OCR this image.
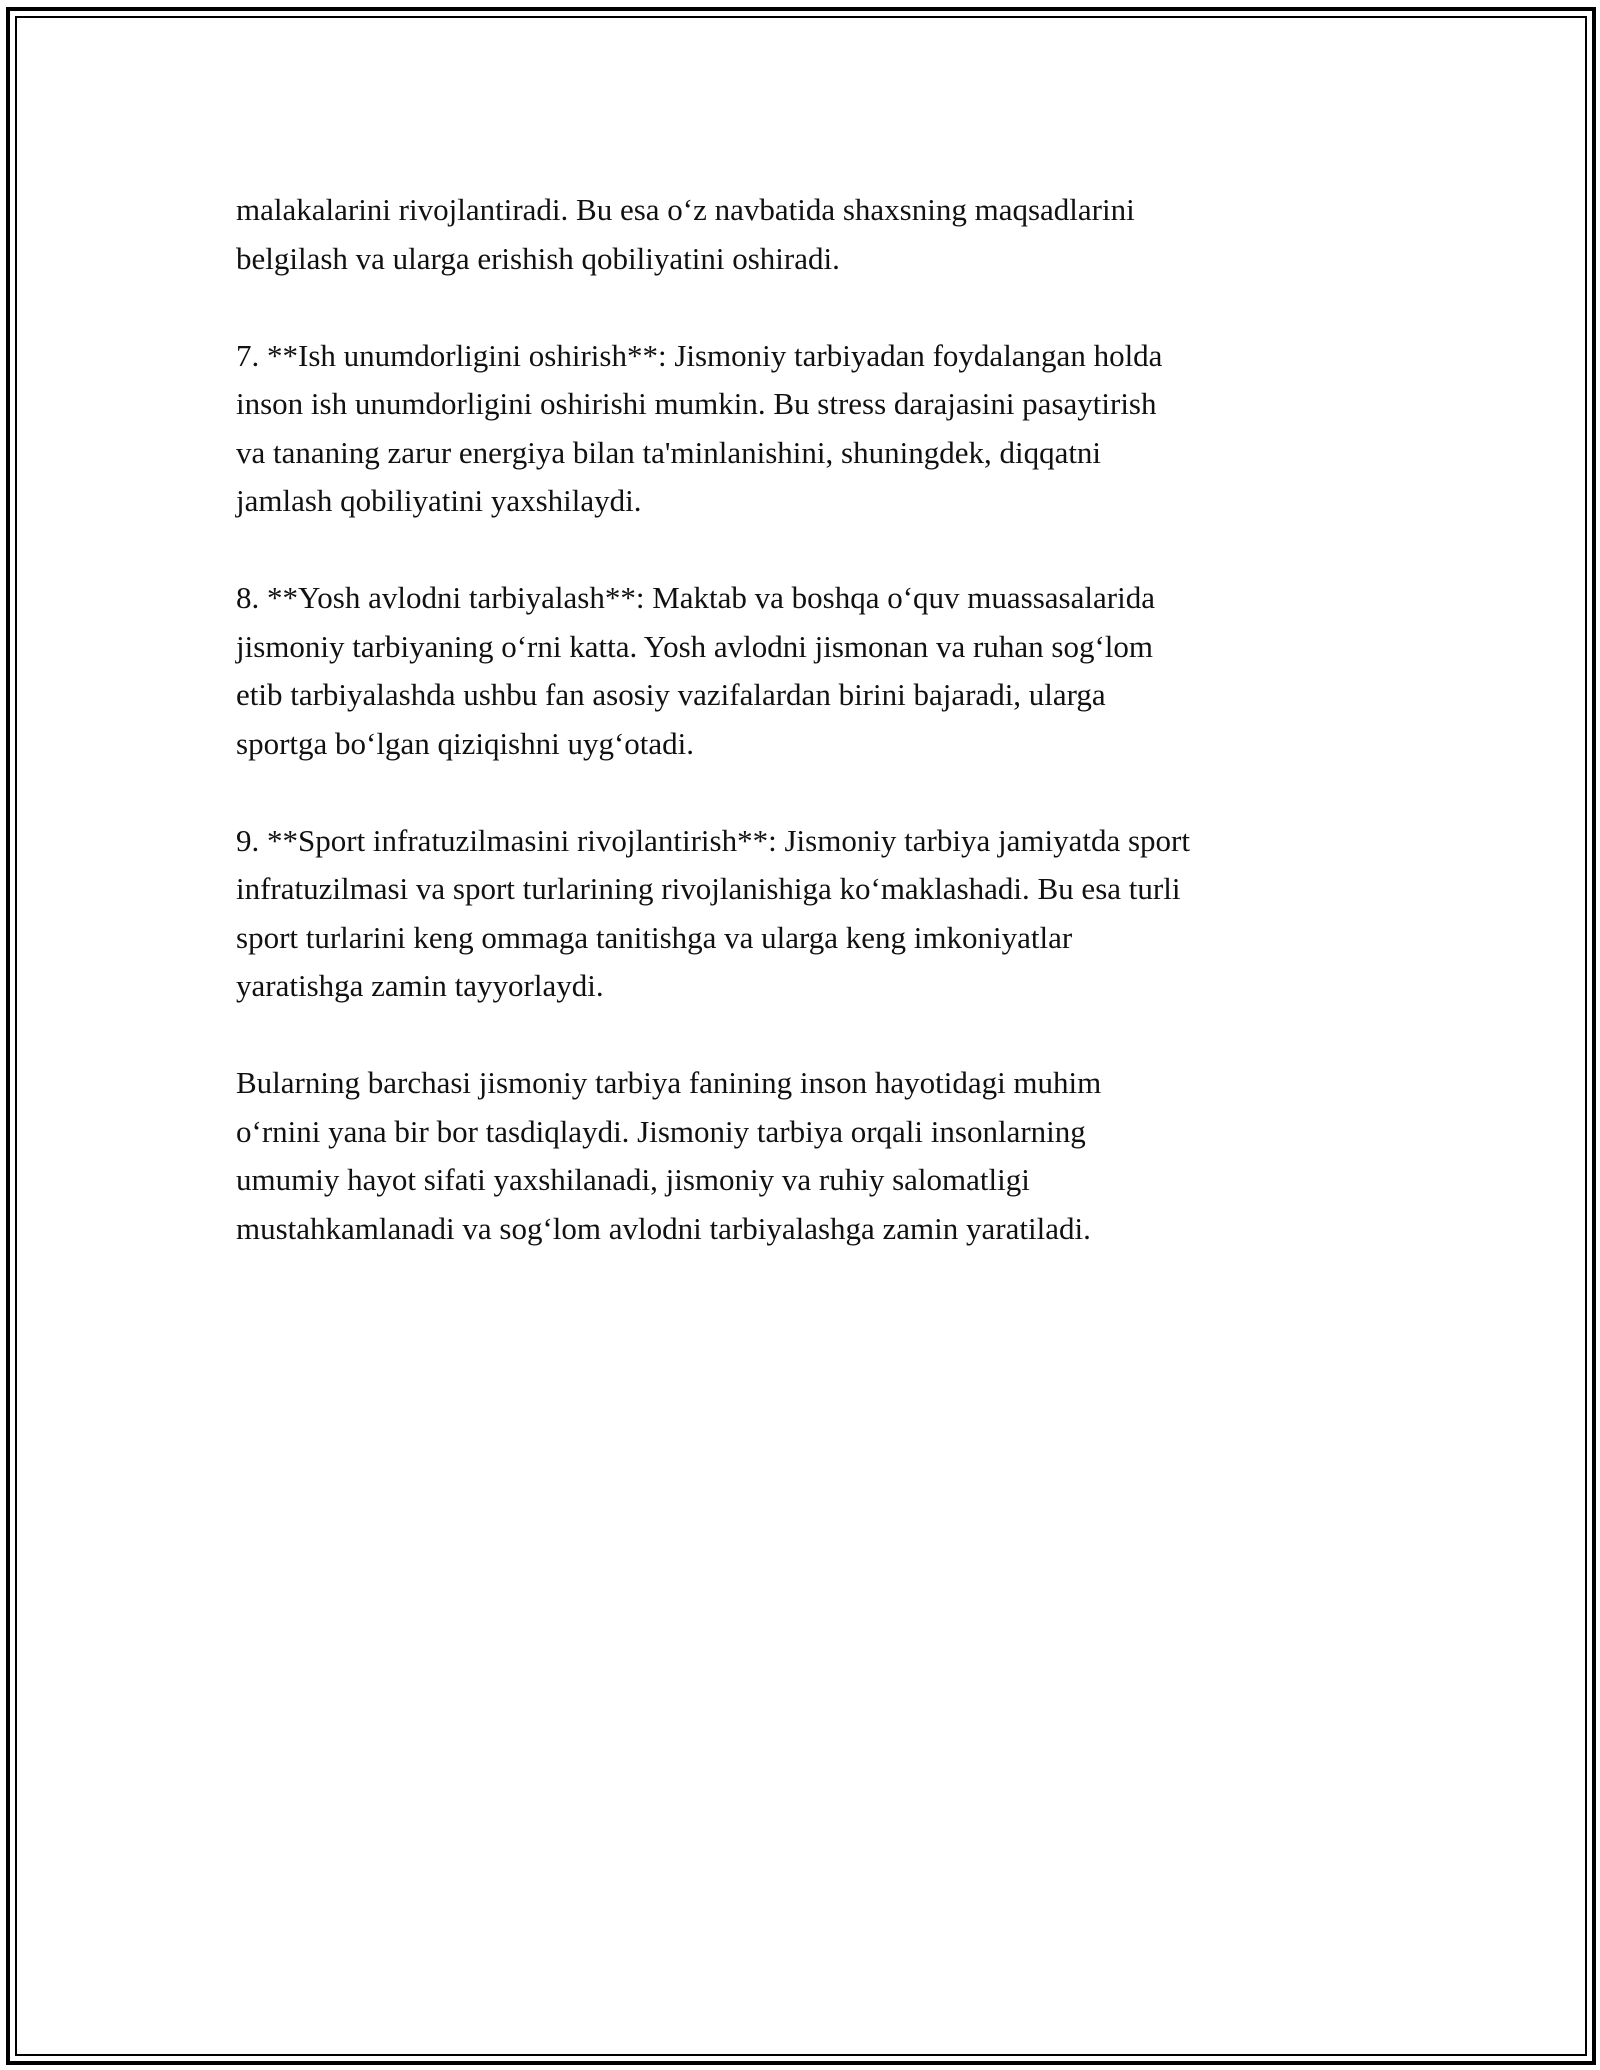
malakalarini rivojlantiradi. Bu esa o‘z navbatida shaxsning maqsadlarini
belgilash va ularga erishish qobiliyatini oshiradi.

7. **Ish unumdorligini oshirish**: Jismoniy tarbiyadan foydalangan holda
inson ish unumdorligini oshirishi mumkin. Bu stress darajasini pasaytirish
va tananing zarur energiya bilan ta'minlanishini, shuningdek, diqqatni
jamlash qobiliyatini yaxshilaydi.

8. **Yosh avlodni tarbiyalash**: Maktab va boshqa o‘quv muassasalarida
jismoniy tarbiyaning o‘rni katta. Yosh avlodni jismonan va ruhan sog‘lom
etib tarbiyalashda ushbu fan asosiy vazifalardan birini bajaradi, ularga
sportga bo‘lgan qiziqishni uyg‘otadi.

9. **Sport infratuzilmasini rivojlantirish**: Jismoniy tarbiya jamiyatda sport
infratuzilmasi va sport turlarining rivojlanishiga ko‘maklashadi. Bu esa turli
sport turlarini keng ommaga tanitishga va ularga keng imkoniyatlar
yaratishga zamin tayyorlaydi.

Bularning barchasi jismoniy tarbiya fanining inson hayotidagi muhim
o‘rnini yana bir bor tasdiqlaydi. Jismoniy tarbiya orqali insonlarning
umumiy hayot sifati yaxshilanadi, jismoniy va ruhiy salomatligi
mustahkamlanadi va sog‘lom avlodni tarbiyalashga zamin yaratiladi.
